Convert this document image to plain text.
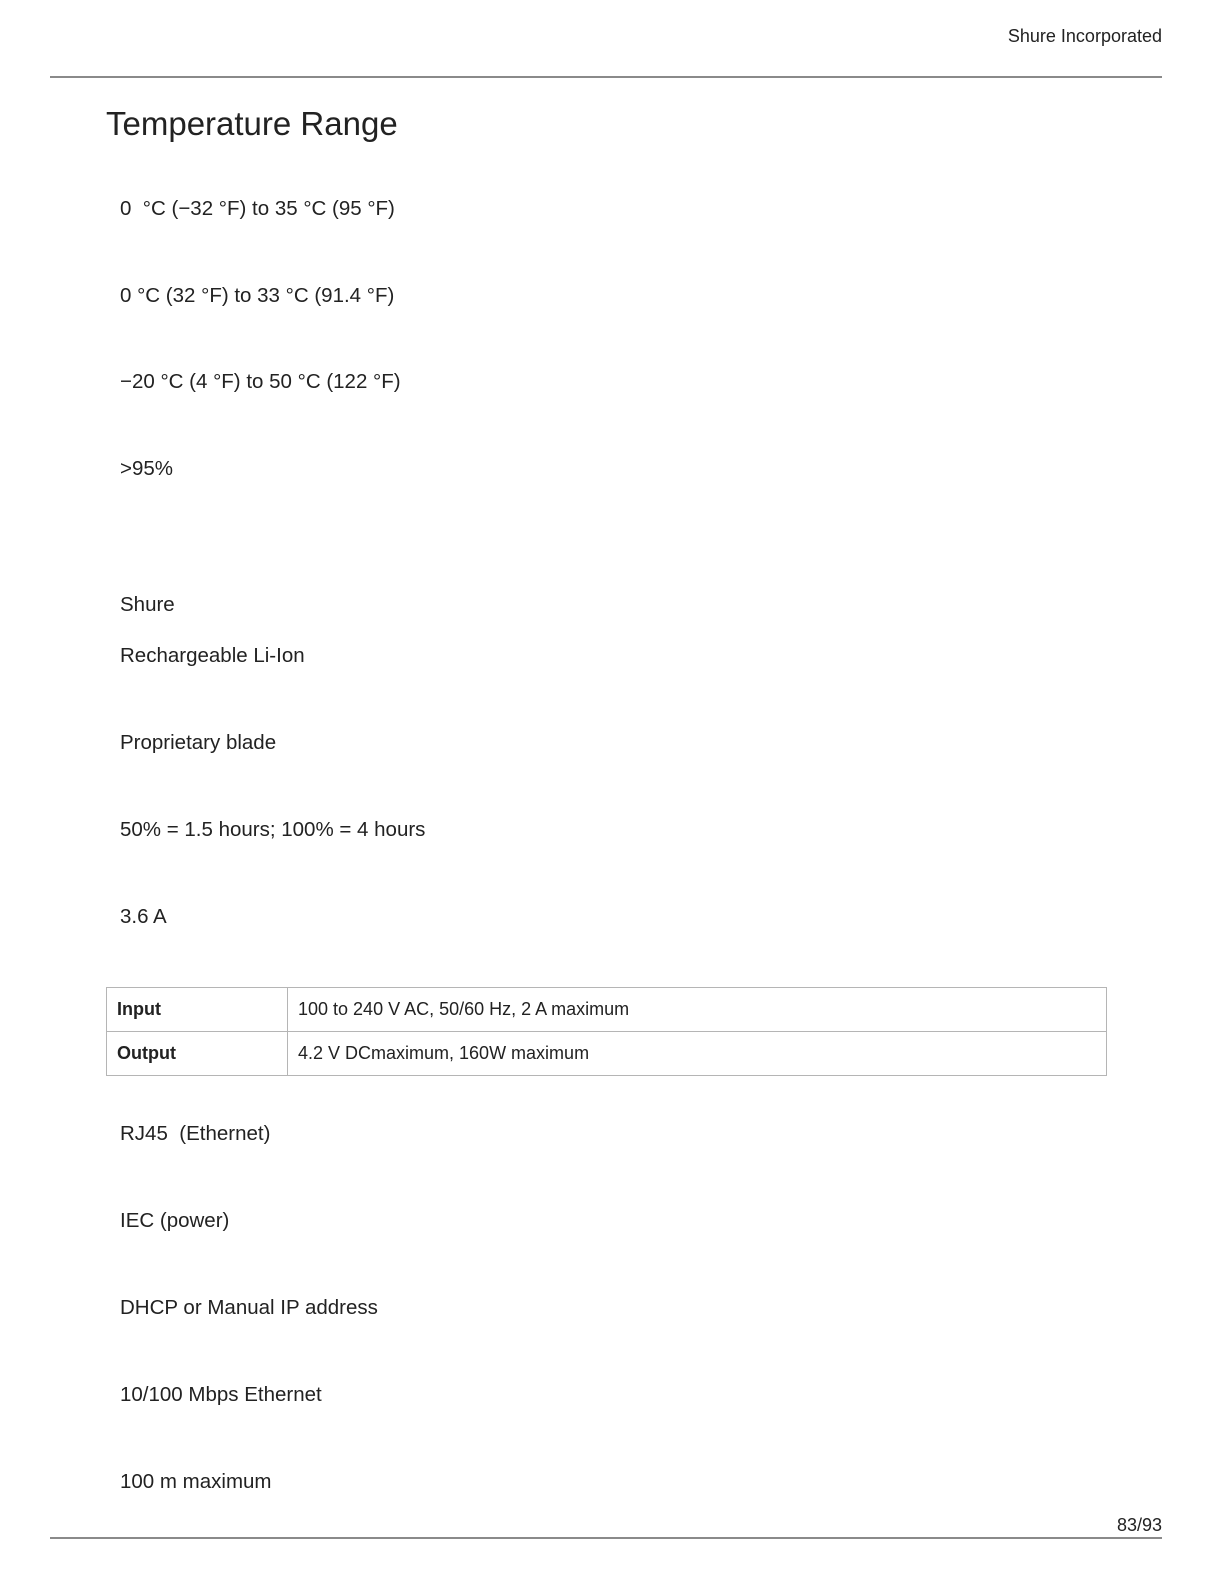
Shure Incorporated
Temperature Range
0  °C (−32 °F) to 35 °C (95 °F)
0 °C (32 °F) to 33 °C (91.4 °F)
−20 °C (4 °F) to 50 °C (122 °F)
>95%
Shure
Rechargeable Li-Ion
Proprietary blade
50% = 1.5 hours; 100% = 4 hours
3.6 A
Input	100 to 240 V AC, 50/60 Hz, 2 A maximum
Output	4.2 V DCmaximum, 160W maximum
RJ45  (Ethernet)
IEC (power)
DHCP or Manual IP address
10/100 Mbps Ethernet
100 m maximum
83/93
